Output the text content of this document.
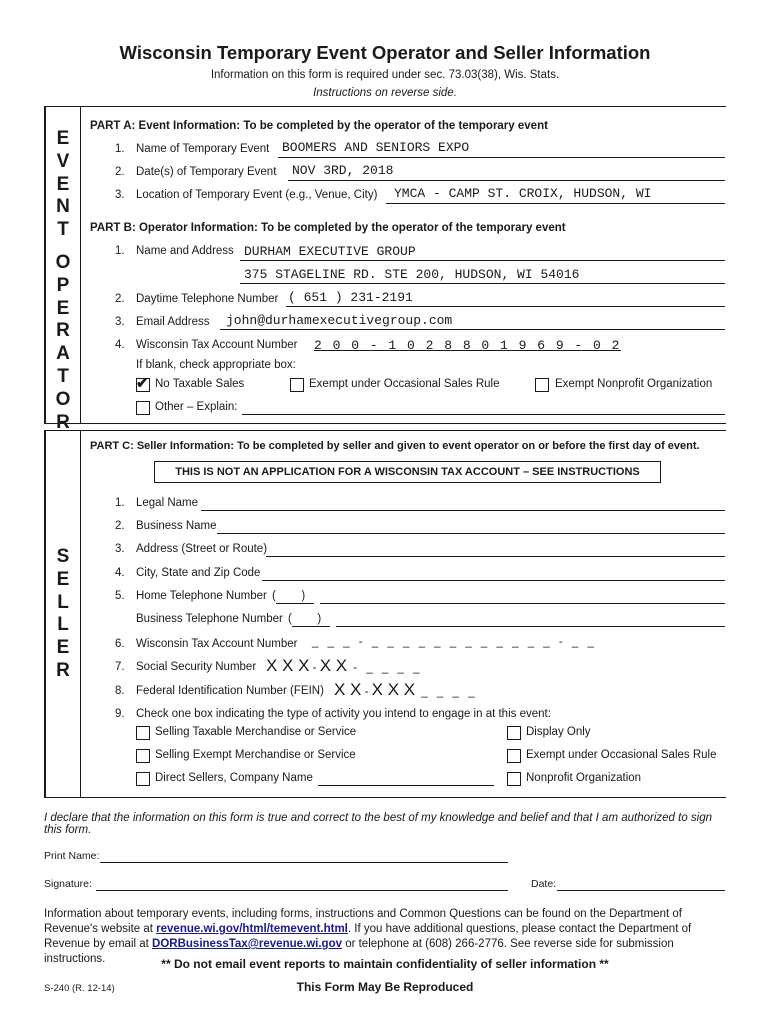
Wisconsin Temporary Event Operator and Seller Information
Information on this form is required under sec. 73.03(38), Wis. Stats.
Instructions on reverse side.
E
V
E
N
T
O
P
E
R
A
T
O
R
S
E
L
L
E
R
PART A: Event Information: To be completed by the operator of the temporary event
1. Name of Temporary Event BOOMERS AND SENIORS EXPO
2. Date(s) of Temporary Event NOV 3RD, 2018
3. Location of Temporary Event (e.g., Venue, City) YMCA - CAMP ST. CROIX, HUDSON, WI
PART B: Operator Information: To be completed by the operator of the temporary event
1. Name and Address DURHAM EXECUTIVE GROUP
375 STAGELINE RD. STE 200, HUDSON, WI 54016
2. Daytime Telephone Number ( 651 ) 231-2191
3. Email Address john@durhamexecutivegroup.com
4. Wisconsin Tax Account Number 2 0 0 - 1 0 2 8 8 0 1 9 6 9 - 0 2
If blank, check appropriate box:
✔ No Taxable Sales	Exempt under Occasional Sales Rule	Exempt Nonprofit Organization
Other – Explain:
PART C: Seller Information: To be completed by seller and given to event operator on or before the first day of event.
THIS IS NOT AN APPLICATION FOR A WISCONSIN TAX ACCOUNT – SEE INSTRUCTIONS
1. Legal Name
2. Business Name
3. Address (Street or Route)
4. City, State and Zip Code
5. Home Telephone Number (        )
Business Telephone Number (        )
6. Wisconsin Tax Account Number _ _ _ - _ _ _ _ _ _ _ _ _ _ _ _ - _ _
7. Social Security Number X X X - X X - _ _ _ _
8. Federal Identification Number (FEIN) X X - X X X _ _ _ _
9. Check one box indicating the type of activity you intend to engage in at this event:
Selling Taxable Merchandise or Service	Display Only
Selling Exempt Merchandise or Service	Exempt under Occasional Sales Rule
Direct Sellers, Company Name	Nonprofit Organization
I declare that the information on this form is true and correct to the best of my knowledge and belief and that I am authorized to sign this form.
Print Name:
Signature:	Date:
Information about temporary events, including forms, instructions and Common Questions can be found on the Department of Revenue's website at revenue.wi.gov/html/temevent.html. If you have additional questions, please contact the Department of Revenue by email at DORBusinessTax@revenue.wi.gov or telephone at (608) 266-2776. See reverse side for submission instructions.	** Do not email event reports to maintain confidentiality of seller information **
S-240 (R. 12-14)	This Form May Be Reproduced
